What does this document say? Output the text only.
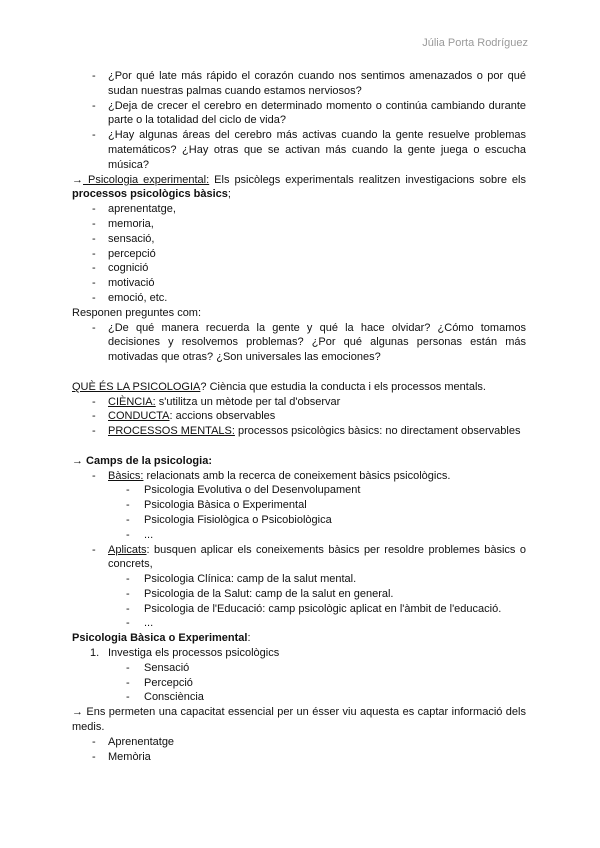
Júlia Porta Rodríguez
- ¿Por qué late más rápido el corazón cuando nos sentimos amenazados o por qué sudan nuestras palmas cuando estamos nerviosos?
- ¿Deja de crecer el cerebro en determinado momento o continúa cambiando durante parte o la totalidad del ciclo de vida?
- ¿Hay algunas áreas del cerebro más activas cuando la gente resuelve problemas matemáticos? ¿Hay otras que se activan más cuando la gente juega o escucha música?

→ Psicologia experimental: Els psicòlegs experimentals realitzen investigacions sobre els processos psicològics bàsics;

- aprenentatge,
- memoria,
- sensació,
- percepció
- cognició
- motivació
- emoció, etc.

Responen preguntes com:

- ¿De qué manera recuerda la gente y qué la hace olvidar? ¿Cómo tomamos decisiones y resolvemos problemas? ¿Por qué algunas personas están más motivadas que otras? ¿Son universales las emociones?

QUÈ ÉS LA PSICOLOGIA? Ciència que estudia la conducta i els processos mentals.

- CIÈNCIA: s'utilitza un mètode per tal d'observar
- CONDUCTA: accions observables
- PROCESSOS MENTALS: processos psicològics bàsics: no directament observables

→ Camps de la psicologia:

- Bàsics: relacionats amb la recerca de coneixement bàsics psicològics.
- Psicologia Evolutiva o del Desenvolupament
- Psicologia Bàsica o Experimental
- Psicologia Fisiològica o Psicobiològica
- ...
- Aplicats: busquen aplicar els coneixements bàsics per resoldre problemes bàsics o concrets,
- Psicologia Clínica: camp de la salut mental.
- Psicologia de la Salut: camp de la salut en general.
- Psicologia de l'Educació: camp psicològic aplicat en l'àmbit de l'educació.
- ...

Psicologia Bàsica o Experimental:

1. Investiga els processos psicològics
- Sensació
- Percepció
- Consciència

→ Ens permeten una capacitat essencial per un ésser viu aquesta es captar informació dels medis.

- Aprenentatge
- Memòria
